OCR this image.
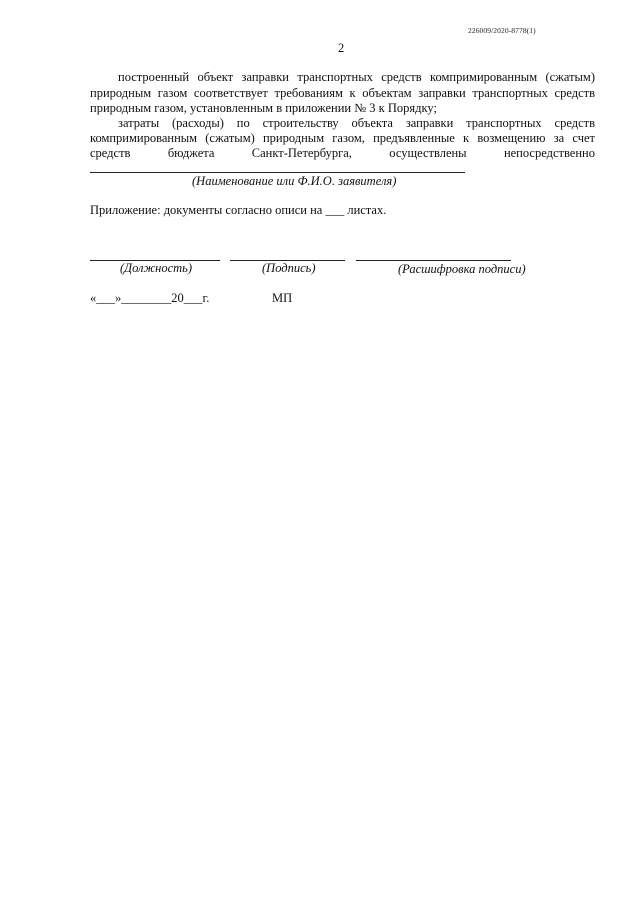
226009/2020-8778(1)
2
построенный объект заправки транспортных средств компримированным (сжатым)
природным газом соответствует требованиям к объектам заправки транспортных средств
природным газом, установленным в приложении № 3 к Порядку;
затраты (расходы) по строительству объекта заправки транспортных средств
компримированным (сжатым) природным газом, предъявленные к возмещению за счет
средств бюджета Санкт-Петербурга, осуществлены непосредственно
(Наименование или Ф.И.О. заявителя)
Приложение: документы согласно описи на ___ листах.
(Должность)	(Подпись)	(Расшифровка подписи)
«___»________20___г.	МП
